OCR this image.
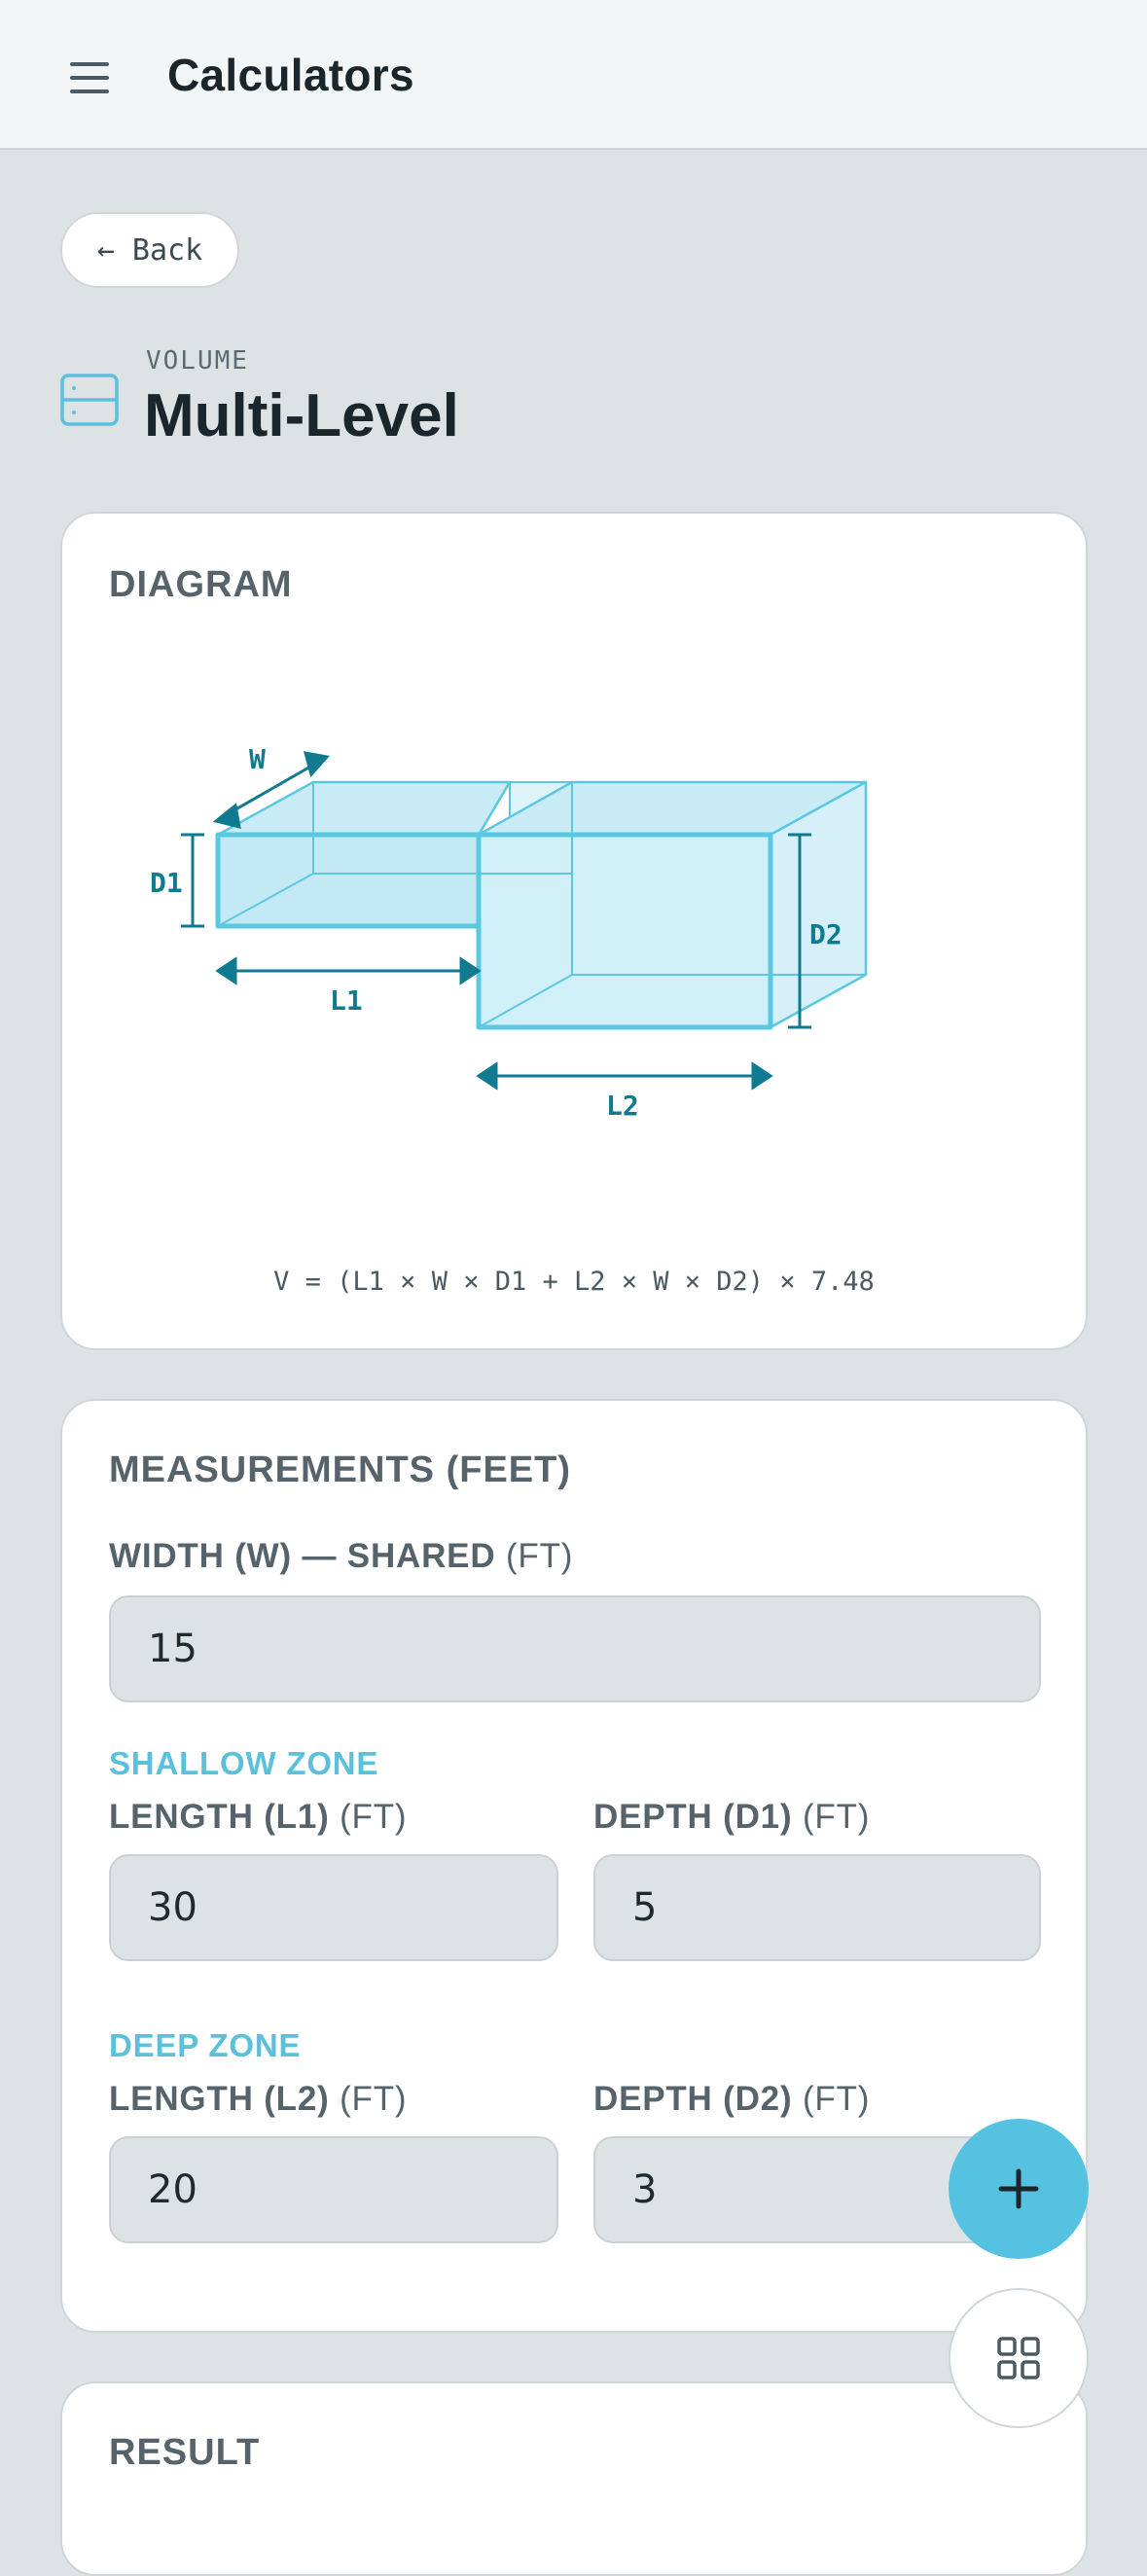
Calculators
← Back
VOLUME
Multi-Level
DIAGRAM
W
D1
D2
L1
L2
V = (L1 × W × D1 + L2 × W × D2) × 7.48
MEASUREMENTS (FEET)
WIDTH (W) — SHARED (FT)
15
SHALLOW ZONE
LENGTH (L1) (FT)
30	DEPTH (D1) (FT)
5
DEEP ZONE
LENGTH (L2) (FT)
20	DEPTH (D2) (FT)
3
RESULT
